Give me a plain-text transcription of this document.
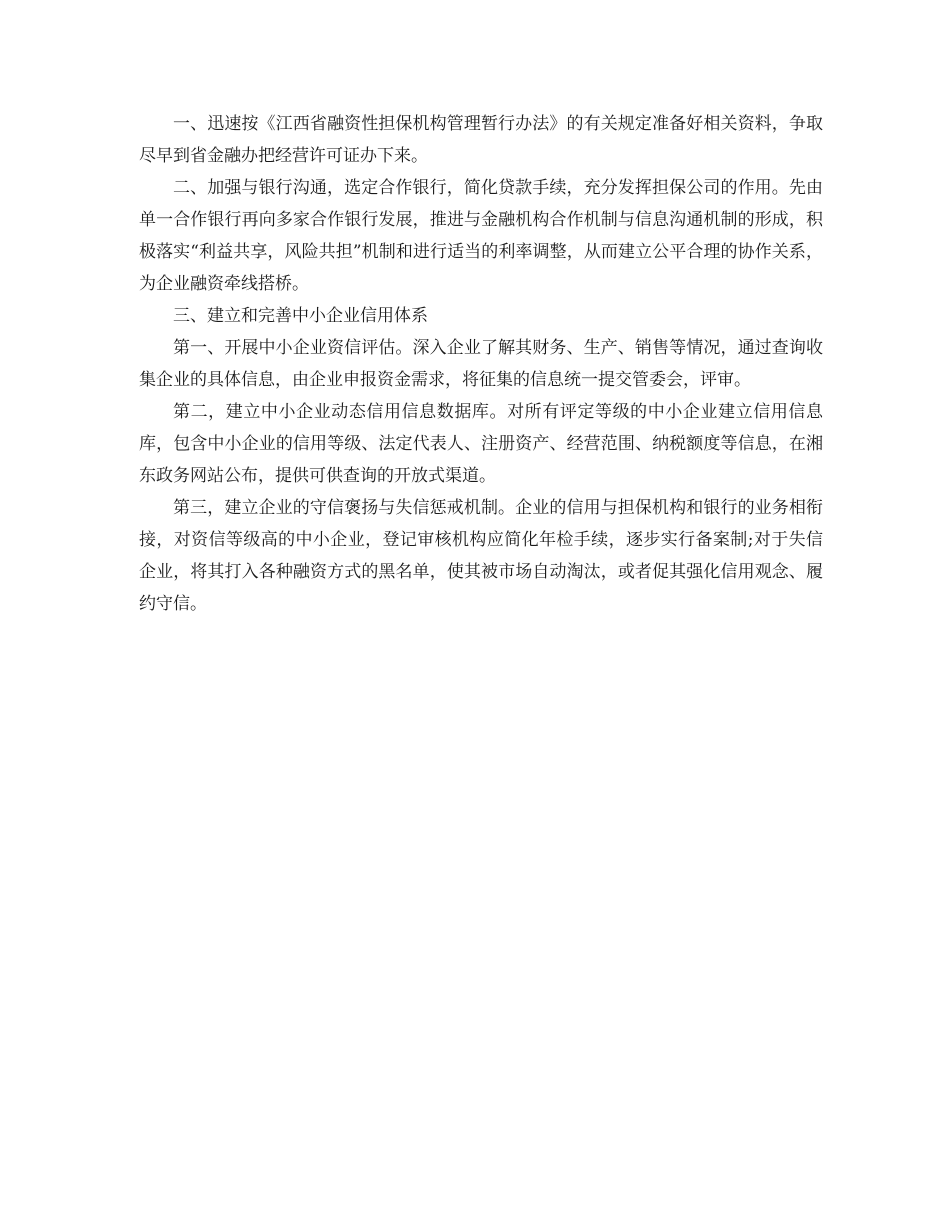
一、迅速按《江西省融资性担保机构管理暂行办法》的有关规定准备好相关资料，争取尽早到省金融办把经营许可证办下来。

二、加强与银行沟通，选定合作银行，简化贷款手续，充分发挥担保公司的作用。先由单一合作银行再向多家合作银行发展，推进与金融机构合作机制与信息沟通机制的形成，积极落实“利益共享，风险共担”机制和进行适当的利率调整，从而建立公平合理的协作关系，为企业融资牵线搭桥。

三、建立和完善中小企业信用体系

第一、开展中小企业资信评估。深入企业了解其财务、生产、销售等情况，通过查询收集企业的具体信息，由企业申报资金需求，将征集的信息统一提交管委会，评审。

第二，建立中小企业动态信用信息数据库。对所有评定等级的中小企业建立信用信息库，包含中小企业的信用等级、法定代表人、注册资产、经营范围、纳税额度等信息，在湘东政务网站公布，提供可供查询的开放式渠道。

第三，建立企业的守信褒扬与失信惩戒机制。企业的信用与担保机构和银行的业务相衔接，对资信等级高的中小企业，登记审核机构应简化年检手续，逐步实行备案制;对于失信企业，将其打入各种融资方式的黑名单，使其被市场自动淘汰，或者促其强化信用观念、履约守信。
